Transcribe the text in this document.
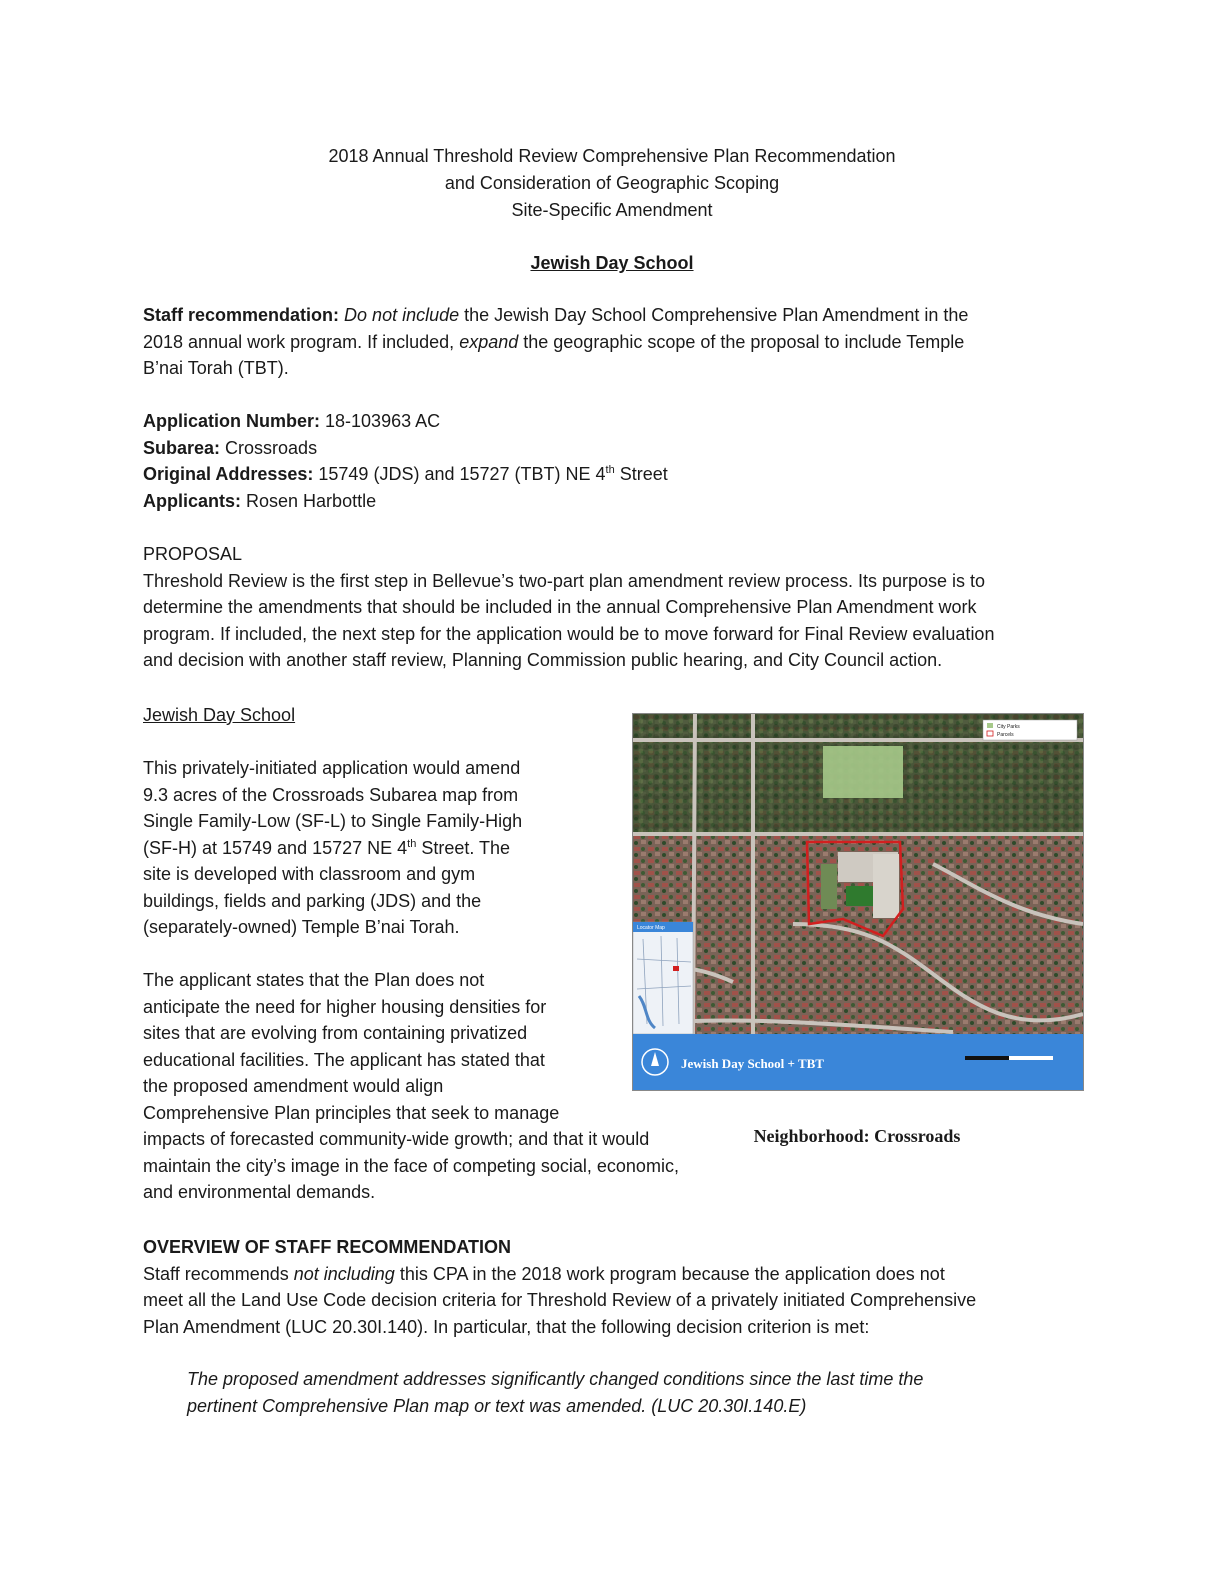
2018 Annual Threshold Review Comprehensive Plan Recommendation
and Consideration of Geographic Scoping
Site-Specific Amendment
Jewish Day School
Staff recommendation: Do not include the Jewish Day School Comprehensive Plan Amendment in the
2018 annual work program. If included, expand the geographic scope of the proposal to include Temple
B’nai Torah (TBT).
Application Number: 18-103963 AC
Subarea: Crossroads
Original Addresses: 15749 (JDS) and 15727 (TBT) NE 4th Street
Applicants: Rosen Harbottle
PROPOSAL
Threshold Review is the first step in Bellevue’s two-part plan amendment review process. Its purpose is to
determine the amendments that should be included in the annual Comprehensive Plan Amendment work
program. If included, the next step for the application would be to move forward for Final Review evaluation
and decision with another staff review, Planning Commission public hearing, and City Council action.
Jewish Day School
This privately-initiated application would amend
9.3 acres of the Crossroads Subarea map from
Single Family-Low (SF-L) to Single Family-High
(SF-H) at 15749 and 15727 NE 4th Street. The
site is developed with classroom and gym
buildings, fields and parking (JDS) and the
(separately-owned) Temple B’nai Torah.
The applicant states that the Plan does not
anticipate the need for higher housing densities for
sites that are evolving from containing privatized
educational facilities. The applicant has stated that
the proposed amendment would align
Comprehensive Plan principles that seek to manage
impacts of forecasted community-wide growth; and that it would
maintain the city’s image in the face of competing social, economic,
and environmental demands.
City Parks
Parcels
Locator Map
Jewish Day School + TBT
Neighborhood: Crossroads
OVERVIEW OF STAFF RECOMMENDATION
Staff recommends not including this CPA in the 2018 work program because the application does not
meet all the Land Use Code decision criteria for Threshold Review of a privately initiated Comprehensive
Plan Amendment (LUC 20.30I.140). In particular, that the following decision criterion is met:
The proposed amendment addresses significantly changed conditions since the last time the
pertinent Comprehensive Plan map or text was amended. (LUC 20.30I.140.E)
